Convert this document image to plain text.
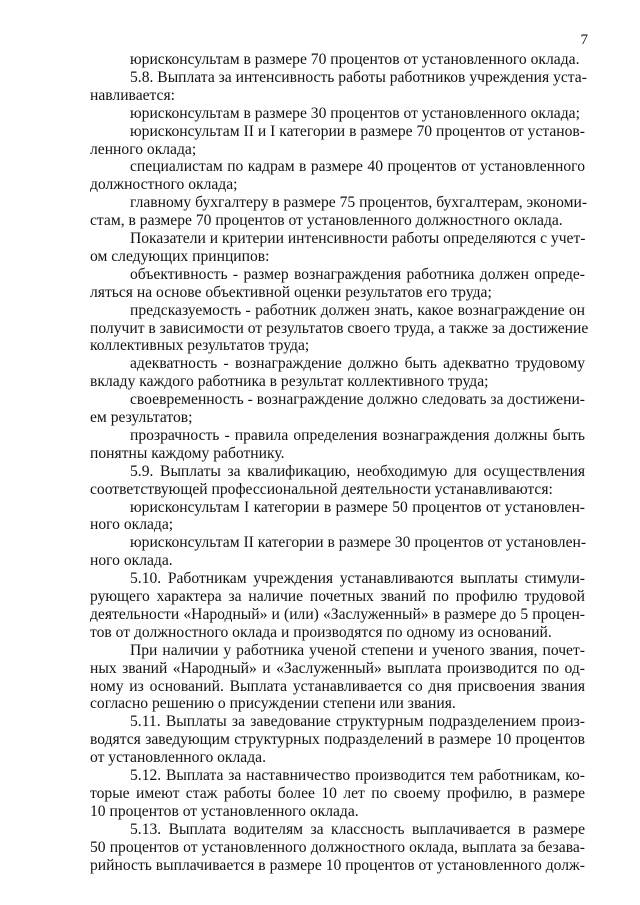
7
юрисконсультам в размере 70 процентов от установленного оклада.
5.8. Выплата за интенсивность работы работников учреждения уста-
навливается:
юрисконсультам в размере 30 процентов от установленного оклада;
юрисконсультам II и I категории в размере 70 процентов от установ-
ленного оклада;
специалистам по кадрам в размере 40 процентов от установленного
должностного оклада;
главному бухгалтеру в размере 75 процентов, бухгалтерам, экономи-
стам, в размере 70 процентов от установленного должностного оклада.
Показатели и критерии интенсивности работы определяются с учет-
ом следующих принципов:
объективность - размер вознаграждения работника должен опреде-
ляться на основе объективной оценки результатов его труда;
предсказуемость - работник должен знать, какое вознаграждение он
получит в зависимости от результатов своего труда, а также за достижение
коллективных результатов труда;
адекватность - вознаграждение должно быть адекватно трудовому
вкладу каждого работника в результат коллективного труда;
своевременность - вознаграждение должно следовать за достижени-
ем результатов;
прозрачность - правила определения вознаграждения должны быть
понятны каждому работнику.
5.9. Выплаты за квалификацию, необходимую для осуществления
соответствующей профессиональной деятельности устанавливаются:
юрисконсультам I категории в размере 50 процентов от установлен-
ного оклада;
юрисконсультам II категории в размере 30 процентов от установлен-
ного оклада.
5.10. Работникам учреждения устанавливаются выплаты стимули-
рующего характера за наличие почетных званий по профилю трудовой
деятельности «Народный» и (или) «Заслуженный» в размере до 5 процен-
тов от должностного оклада и производятся по одному из оснований.
При наличии у работника ученой степени и ученого звания, почет-
ных званий «Народный» и «Заслуженный» выплата производится по од-
ному из оснований. Выплата устанавливается со дня присвоения звания
согласно решению о присуждении степени или звания.
5.11. Выплаты за заведование структурным подразделением произ-
водятся заведующим структурных подразделений в размере 10 процентов
от установленного оклада.
5.12. Выплата за наставничество производится тем работникам, ко-
торые имеют стаж работы более 10 лет по своему профилю, в размере
10 процентов от установленного оклада.
5.13. Выплата водителям за классность выплачивается в размере
50 процентов от установленного должностного оклада, выплата за безава-
рийность выплачивается в размере 10 процентов от установленного долж-
